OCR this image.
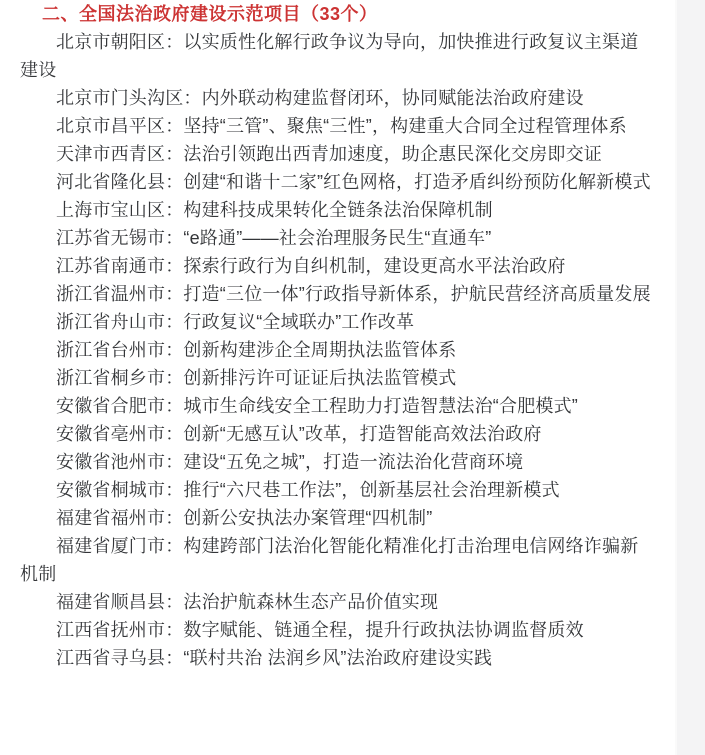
二、全国法治政府建设示范项目（33个）

北京市朝阳区：以实质性化解行政争议为导向，加快推进行政复议主渠道建设

北京市门头沟区：内外联动构建监督闭环，协同赋能法治政府建设

北京市昌平区：坚持“三管”、聚焦“三性”，构建重大合同全过程管理体系

天津市西青区：法治引领跑出西青加速度，助企惠民深化交房即交证

河北省隆化县：创建“和谐十二家”红色网格，打造矛盾纠纷预防化解新模式

上海市宝山区：构建科技成果转化全链条法治保障机制

江苏省无锡市：“e路通”——社会治理服务民生“直通车”

江苏省南通市：探索行政行为自纠机制，建设更高水平法治政府

浙江省温州市：打造“三位一体”行政指导新体系，护航民营经济高质量发展

浙江省舟山市：行政复议“全域联办”工作改革

浙江省台州市：创新构建涉企全周期执法监管体系

浙江省桐乡市：创新排污许可证证后执法监管模式

安徽省合肥市：城市生命线安全工程助力打造智慧法治“合肥模式”

安徽省亳州市：创新“无感互认”改革，打造智能高效法治政府

安徽省池州市：建设“五免之城”，打造一流法治化营商环境

安徽省桐城市：推行“六尺巷工作法”，创新基层社会治理新模式

福建省福州市：创新公安执法办案管理“四机制”

福建省厦门市：构建跨部门法治化智能化精准化打击治理电信网络诈骗新机制

福建省顺昌县：法治护航森林生态产品价值实现

江西省抚州市：数字赋能、链通全程，提升行政执法协调监督质效

江西省寻乌县：“联村共治 法润乡风”法治政府建设实践
